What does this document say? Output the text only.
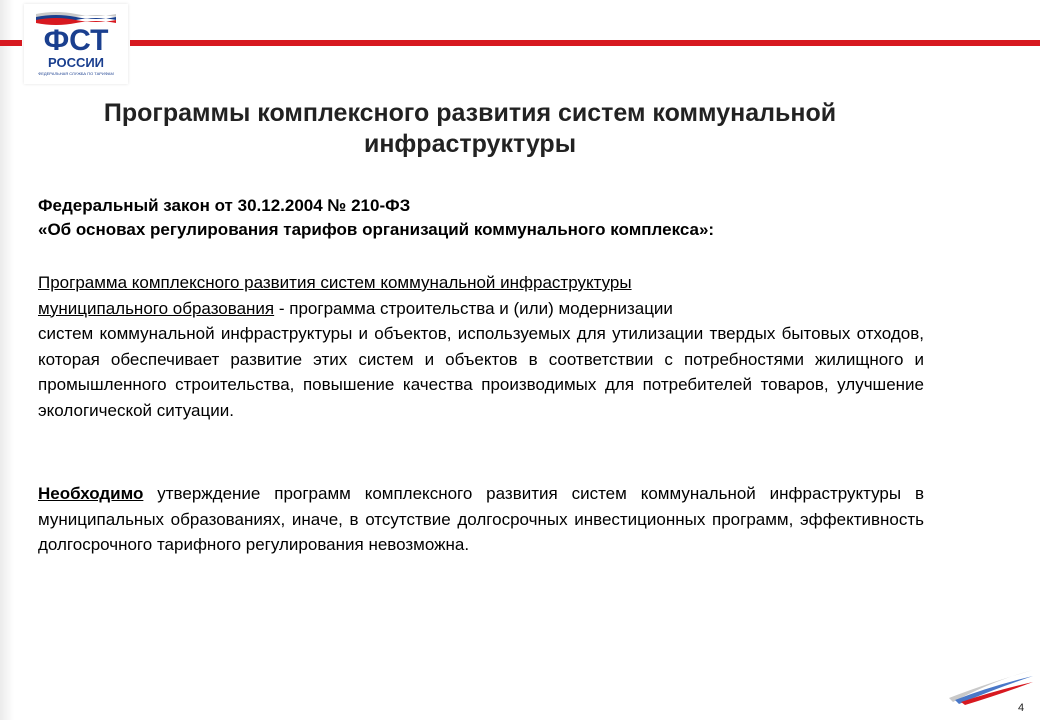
ФСТ
РОССИИ
ФЕДЕРАЛЬНАЯ СЛУЖБА ПО ТАРИФАМ
Программы комплексного развития систем коммунальной
инфраструктуры
Федеральный закон от 30.12.2004 № 210-ФЗ
«Об основах регулирования тарифов организаций коммунального комплекса»:
Программа комплексного развития систем коммунальной инфраструктуры
муниципального образования - программа строительства и (или) модернизации
систем коммунальной инфраструктуры и объектов, используемых для утилизации твердых бытовых отходов, которая обеспечивает развитие этих систем и объектов в соответствии с потребностями жилищного и промышленного строительства, повышение качества производимых для потребителей товаров, улучшение экологической ситуации.
Необходимо утверждение программ комплексного развития систем коммунальной инфраструктуры в муниципальных образованиях, иначе, в отсутствие долгосрочных инвестиционных программ, эффективность долгосрочного тарифного регулирования невозможна.
4
